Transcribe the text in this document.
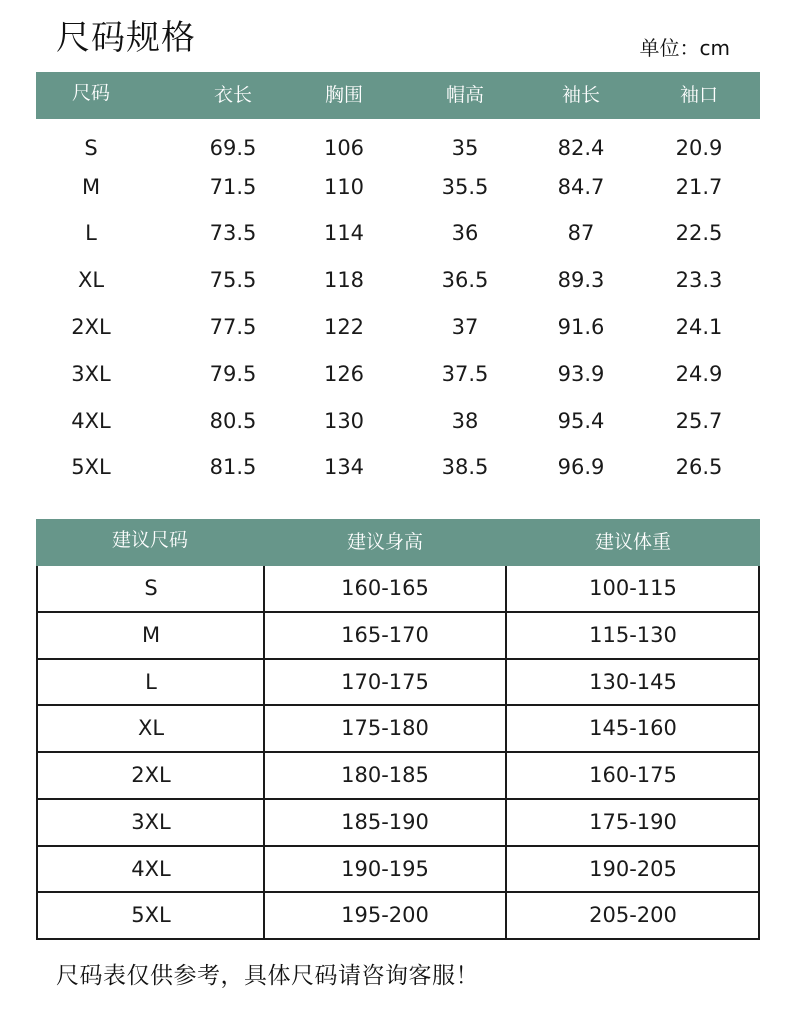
尺码规格	单位：cm
尺码	衣长	胸围	帽高	袖长	袖口
S	69.5	106	35	82.4	20.9
M	71.5	110	35.5	84.7	21.7
L	73.5	114	36	87	22.5
XL	75.5	118	36.5	89.3	23.3
2XL	77.5	122	37	91.6	24.1
3XL	79.5	126	37.5	93.9	24.9
4XL	80.5	130	38	95.4	25.7
5XL	81.5	134	38.5	96.9	26.5
建议尺码	建议身高	建议体重
S	160-165	100-115
M	165-170	115-130
L	170-175	130-145
XL	175-180	145-160
2XL	180-185	160-175
3XL	185-190	175-190
4XL	190-195	190-205
5XL	195-200	205-200
尺码表仅供参考，具体尺码请咨询客服！
